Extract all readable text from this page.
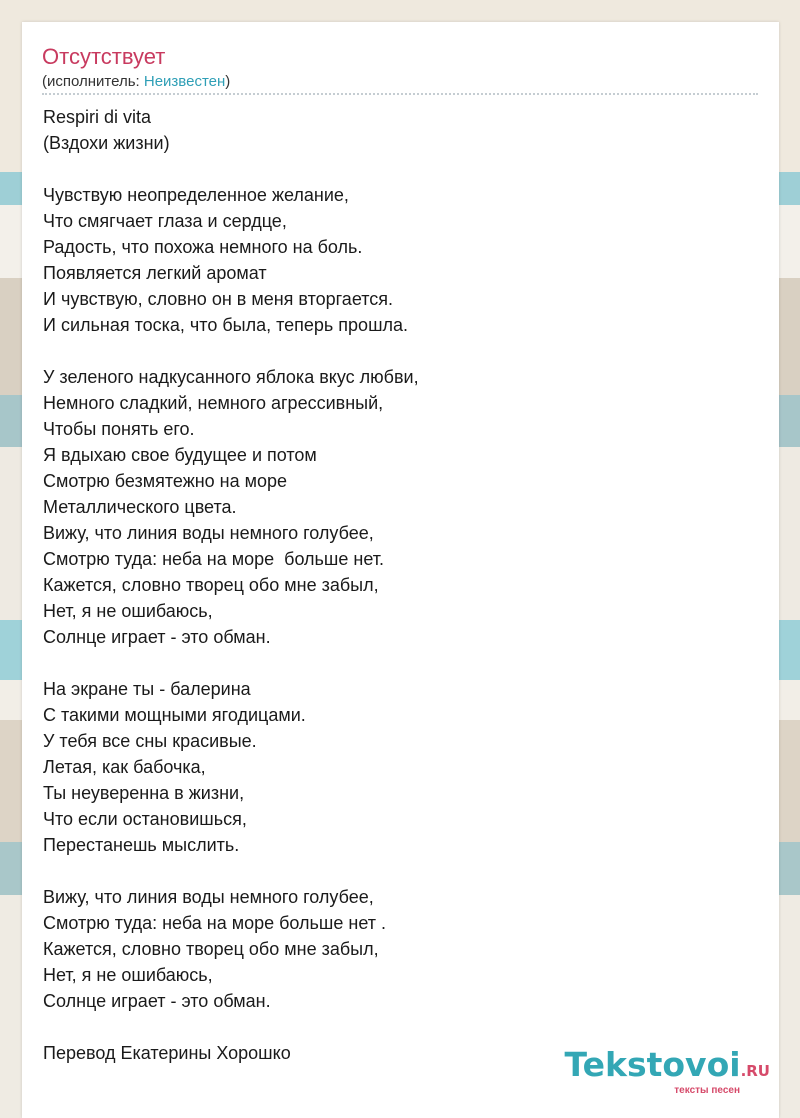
Отсутствует
(исполнитель: Неизвестен)
Respiri di vita
(Вздохи жизни)
Чувствую неопределенное желание,
Что смягчает глаза и сердце,
Радость, что похожа немного на боль.
Появляется легкий аромат
И чувствую, словно он в меня вторгается.
И сильная тоска, что была, теперь прошла.
У зеленого надкусанного яблока вкус любви,
Немного сладкий, немного агрессивный,
Чтобы понять его.
Я вдыхаю свое будущее и потом
Смотрю безмятежно на море
Металлического цвета.
Вижу, что линия воды немного голубее,
Смотрю туда: неба на море  больше нет.
Кажется, словно творец обо мне забыл,
Нет, я не ошибаюсь,
Солнце играет - это обман.
На экране ты - балерина
С такими мощными ягодицами.
У тебя все сны красивые.
Летая, как бабочка,
Ты неуверенна в жизни,
Что если остановишься,
Перестанешь мыслить.
Вижу, что линия воды немного голубее,
Смотрю туда: неба на море больше нет .
Кажется, словно творец обо мне забыл,
Нет, я не ошибаюсь,
Солнце играет - это обман.
Перевод Екатерины Хорошко	Tekstovoi.RU
тексты песен
